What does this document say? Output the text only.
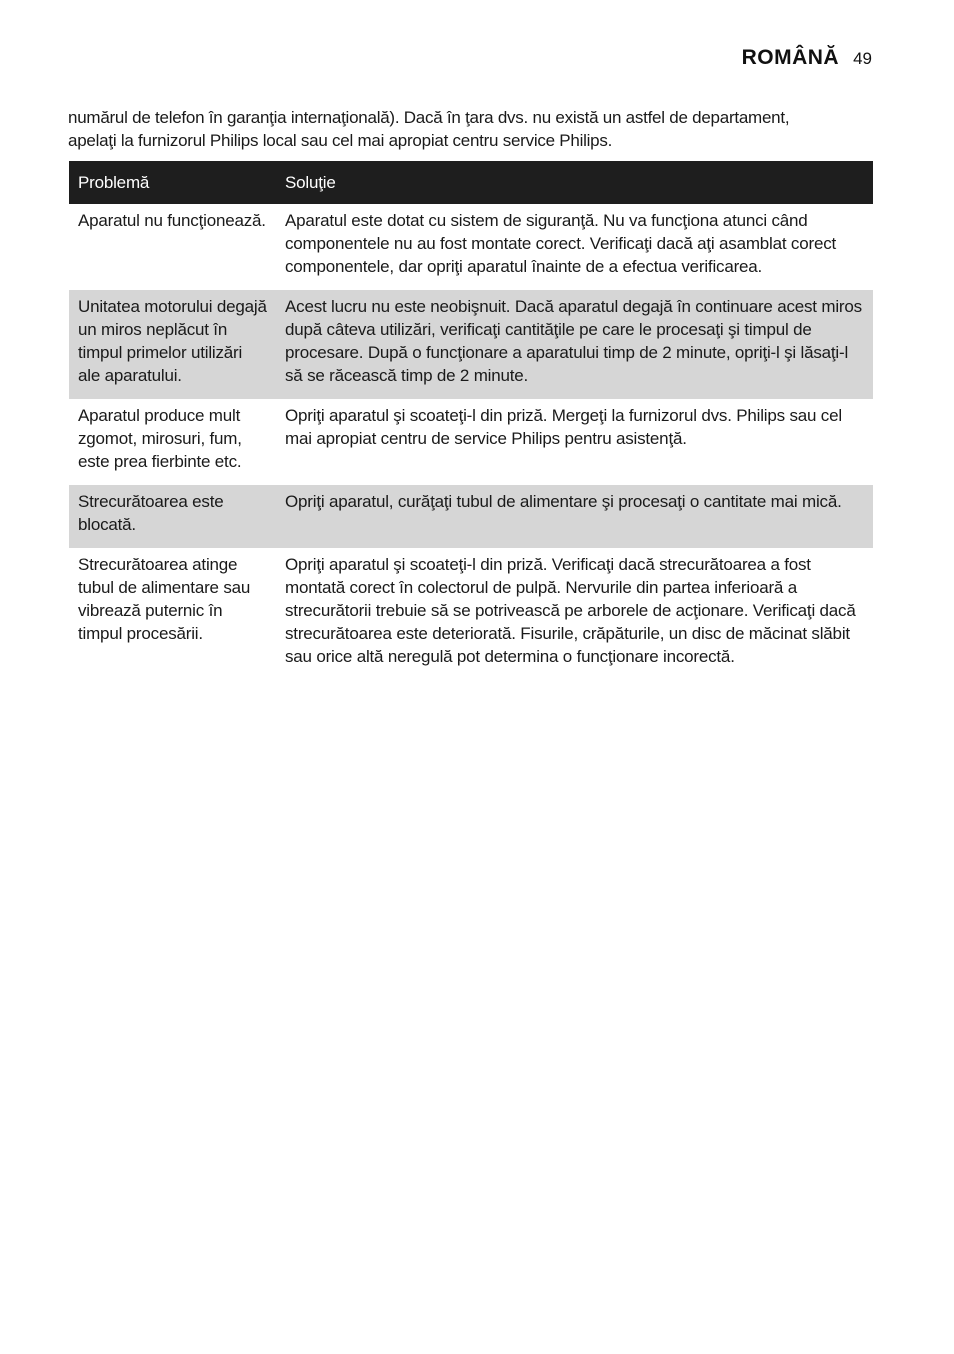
ROMÂNĂ 49

numărul de telefon în garanţia internaţională). Dacă în ţara dvs. nu există un astfel de departament,

apelaţi la furnizorul Philips local sau cel mai apropiat centru service Philips.

Problemă	Soluţie
Aparatul nu funcţionează.	Aparatul este dotat cu sistem de siguranţă. Nu va funcţiona atunci când componentele nu au fost montate corect. Verificaţi dacă aţi asamblat corect componentele, dar opriţi aparatul înainte de a efectua verificarea.
Unitatea motorului degajă un miros neplăcut în timpul primelor utilizări ale aparatului.	Acest lucru nu este neobişnuit. Dacă aparatul degajă în continuare acest miros după câteva utilizări, verificaţi cantităţile pe care le procesaţi şi timpul de procesare. După o funcţionare a aparatului timp de 2 minute, opriţi-l şi lăsaţi-l să se răcească timp de 2 minute.
Aparatul produce mult zgomot, mirosuri, fum, este prea fierbinte etc.	Opriţi aparatul şi scoateţi-l din priză. Mergeţi la furnizorul dvs. Philips sau cel mai apropiat centru de service Philips pentru asistenţă.
Strecurătoarea este blocată.	Opriţi aparatul, curăţaţi tubul de alimentare şi procesaţi o cantitate mai mică.
Strecurătoarea atinge tubul de alimentare sau vibrează puternic în timpul procesării.	Opriţi aparatul şi scoateţi-l din priză. Verificaţi dacă strecurătoarea a fost montată corect în colectorul de pulpă. Nervurile din partea inferioară a strecurătorii trebuie să se potrivească pe arborele de acţionare. Verificaţi dacă strecurătoarea este deteriorată. Fisurile, crăpăturile, un disc de măcinat slăbit sau orice altă neregulă pot determina o funcţionare incorectă.
